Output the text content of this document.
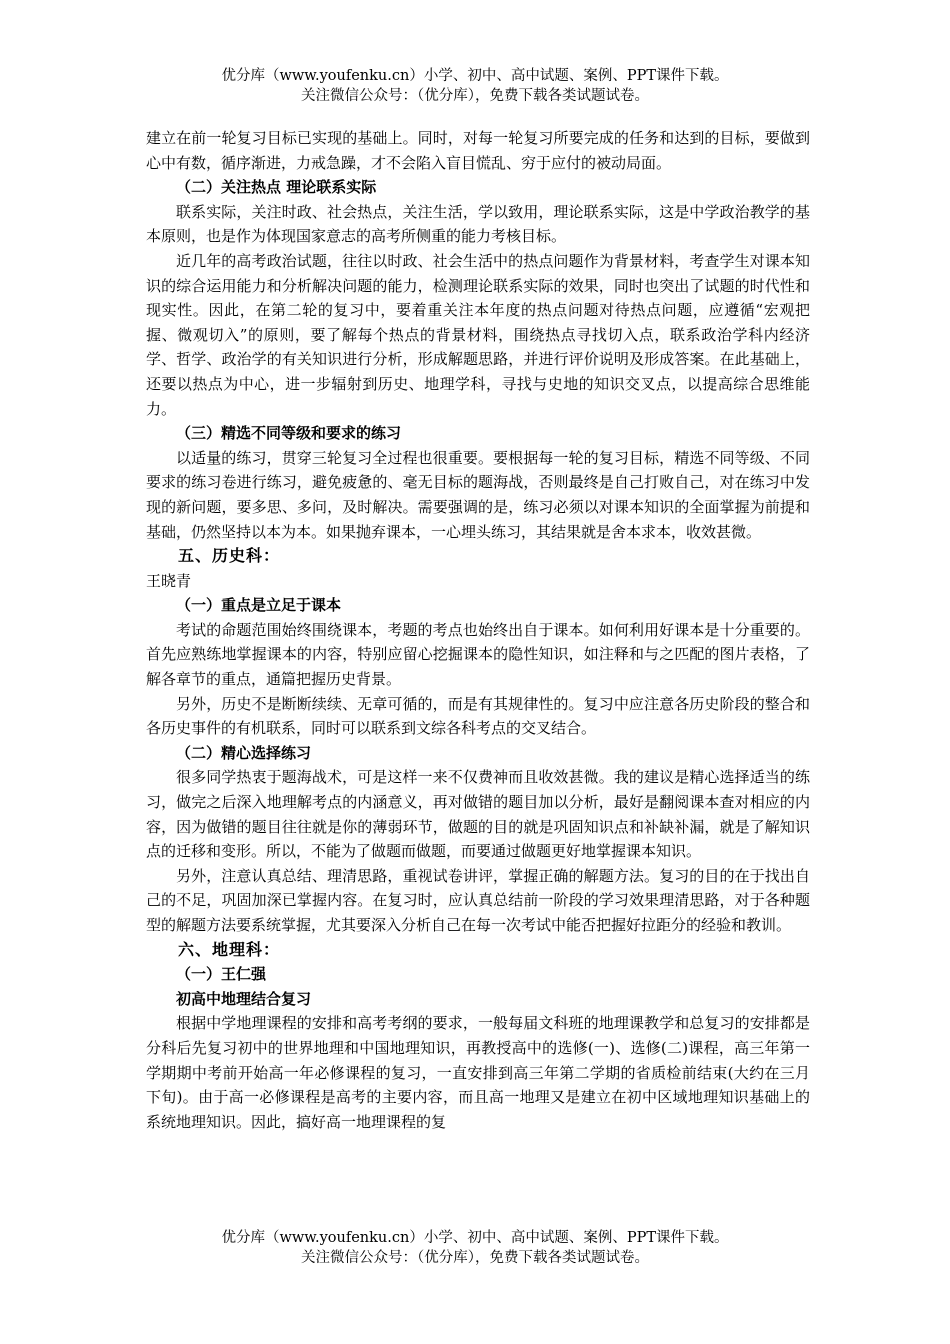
优分库（www.youfenku.cn）小学、初中、高中试题、案例、PPT课件下载。
关注微信公众号：（优分库），免费下载各类试题试卷。

建立在前一轮复习目标已实现的基础上。同时，对每一轮复习所要完成的任务和达到的目标，要做到心中有数，循序渐进，力戒急躁，才不会陷入盲目慌乱、穷于应付的被动局面。

（二）关注热点 理论联系实际

联系实际，关注时政、社会热点，关注生活，学以致用，理论联系实际，这是中学政治教学的基本原则，也是作为体现国家意志的高考所侧重的能力考核目标。

近几年的高考政治试题，往往以时政、社会生活中的热点问题作为背景材料，考查学生对课本知识的综合运用能力和分析解决问题的能力，检测理论联系实际的效果，同时也突出了试题的时代性和现实性。因此，在第二轮的复习中，要着重关注本年度的热点问题对待热点问题，应遵循“宏观把握、微观切入”的原则，要了解每个热点的背景材料，围绕热点寻找切入点，联系政治学科内经济学、哲学、政治学的有关知识进行分析，形成解题思路，并进行评价说明及形成答案。在此基础上，还要以热点为中心，进一步辐射到历史、地理学科，寻找与史地的知识交叉点，以提高综合思维能力。

（三）精选不同等级和要求的练习

以适量的练习，贯穿三轮复习全过程也很重要。要根据每一轮的复习目标，精选不同等级、不同要求的练习卷进行练习，避免疲惫的、毫无目标的题海战，否则最终是自己打败自己，对在练习中发现的新问题，要多思、多问，及时解决。需要强调的是，练习必须以对课本知识的全面掌握为前提和基础，仍然坚持以本为本。如果抛弃课本，一心埋头练习，其结果就是舍本求本，收效甚微。

五、历史科：

王晓青

（一）重点是立足于课本

考试的命题范围始终围绕课本，考题的考点也始终出自于课本。如何利用好课本是十分重要的。首先应熟练地掌握课本的内容，特别应留心挖掘课本的隐性知识，如注释和与之匹配的图片表格，了解各章节的重点，通篇把握历史背景。

另外，历史不是断断续续、无章可循的，而是有其规律性的。复习中应注意各历史阶段的整合和各历史事件的有机联系，同时可以联系到文综各科考点的交叉结合。

（二）精心选择练习

很多同学热衷于题海战术，可是这样一来不仅费神而且收效甚微。我的建议是精心选择适当的练习，做完之后深入地理解考点的内涵意义，再对做错的题目加以分析，最好是翻阅课本查对相应的内容，因为做错的题目往往就是你的薄弱环节，做题的目的就是巩固知识点和补缺补漏，就是了解知识点的迁移和变形。所以，不能为了做题而做题，而要通过做题更好地掌握课本知识。

另外，注意认真总结、理清思路，重视试卷讲评，掌握正确的解题方法。复习的目的在于找出自己的不足，巩固加深已掌握内容。在复习时，应认真总结前一阶段的学习效果理清思路，对于各种题型的解题方法要系统掌握，尤其要深入分析自己在每一次考试中能否把握好拉距分的经验和教训。

六、地理科：

（一）王仁强

初高中地理结合复习

根据中学地理课程的安排和高考考纲的要求，一般每届文科班的地理课教学和总复习的安排都是分科后先复习初中的世界地理和中国地理知识，再教授高中的选修(一)、选修(二)课程，高三年第一学期期中考前开始高一年必修课程的复习，一直安排到高三年第二学期的省质检前结束(大约在三月下旬)。由于高一必修课程是高考的主要内容，而且高一地理又是建立在初中区域地理知识基础上的系统地理知识。因此，搞好高一地理课程的复

优分库（www.youfenku.cn）小学、初中、高中试题、案例、PPT课件下载。
关注微信公众号：（优分库），免费下载各类试题试卷。
